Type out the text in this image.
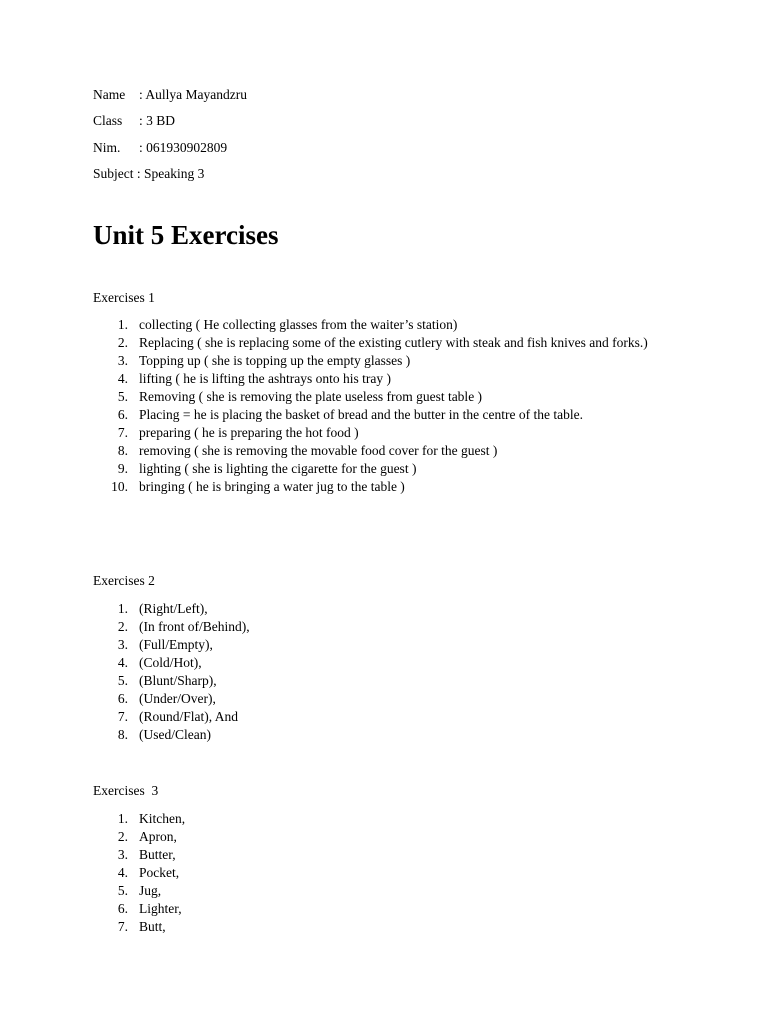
Name : Aullya Mayandzru
Class : 3 BD
Nim. : 061930902809
Subject : Speaking 3
Unit 5 Exercises
Exercises 1
1. collecting ( He collecting glasses from the waiter’s station)
2. Replacing ( she is replacing some of the existing cutlery with steak and fish knives and forks.)
3. Topping up ( she is topping up the empty glasses )
4. lifting ( he is lifting the ashtrays onto his tray )
5. Removing ( she is removing the plate useless from guest table )
6. Placing = he is placing the basket of bread and the butter in the centre of the table.
7. preparing ( he is preparing the hot food )
8. removing ( she is removing the movable food cover for the guest )
9. lighting ( she is lighting the cigarette for the guest )
10. bringing ( he is bringing a water jug to the table )
Exercises 2
1. (Right/Left),
2. (In front of/Behind),
3. (Full/Empty),
4. (Cold/Hot),
5. (Blunt/Sharp),
6. (Under/Over),
7. (Round/Flat), And
8. (Used/Clean)
Exercises  3
1. Kitchen,
2. Apron,
3. Butter,
4. Pocket,
5. Jug,
6. Lighter,
7. Butt,
